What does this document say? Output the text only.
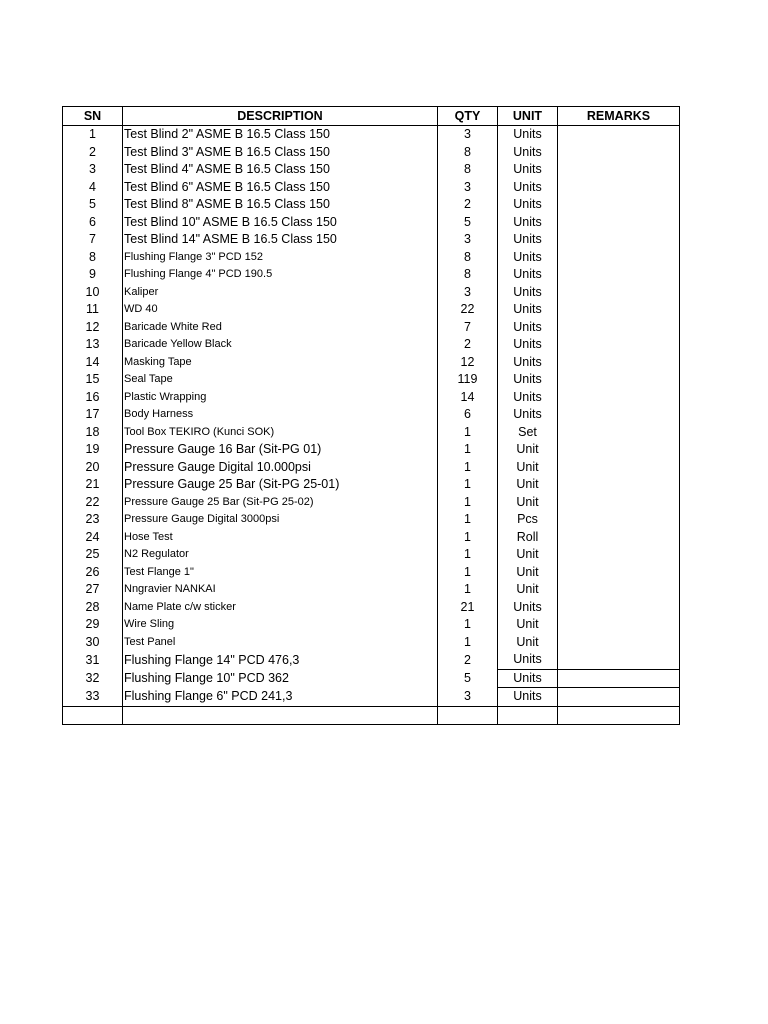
SN	DESCRIPTION	QTY	UNIT	REMARKS
1	Test Blind 2" ASME B 16.5 Class 150	3	Units	
2	Test Blind 3" ASME B 16.5 Class 150	8	Units	
3	Test Blind 4" ASME B 16.5 Class 150	8	Units	
4	Test Blind 6" ASME B 16.5 Class 150	3	Units	
5	Test Blind 8" ASME B 16.5 Class 150	2	Units	
6	Test Blind 10" ASME B 16.5 Class 150	5	Units	
7	Test Blind 14" ASME B 16.5 Class 150	3	Units	
8	Flushing Flange 3" PCD 152	8	Units	
9	Flushing Flange 4" PCD 190.5	8	Units	
10	Kaliper	3	Units	
11	WD 40	22	Units	
12	Baricade White Red	7	Units	
13	Baricade Yellow Black	2	Units	
14	Masking Tape	12	Units	
15	Seal Tape	119	Units	
16	Plastic Wrapping	14	Units	
17	Body Harness	6	Units	
18	Tool Box TEKIRO (Kunci SOK)	1	Set	
19	Pressure Gauge 16 Bar (Sit-PG 01)	1	Unit	
20	Pressure Gauge Digital 10.000psi	1	Unit	
21	Pressure Gauge 25 Bar (Sit-PG 25-01)	1	Unit	
22	Pressure Gauge 25 Bar (Sit-PG 25-02)	1	Unit	
23	Pressure Gauge Digital 3000psi	1	Pcs	
24	Hose Test	1	Roll	
25	N2 Regulator	1	Unit	
26	Test Flange 1"	1	Unit	
27	Nngravier NANKAI	1	Unit	
28	Name Plate c/w sticker	21	Units	
29	Wire Sling	1	Unit	
30	Test Panel	1	Unit	
31	Flushing Flange 14" PCD 476,3	2	Units	
32	Flushing Flange 10" PCD 362	5	Units	
33	Flushing Flange 6" PCD 241,3	3	Units	
